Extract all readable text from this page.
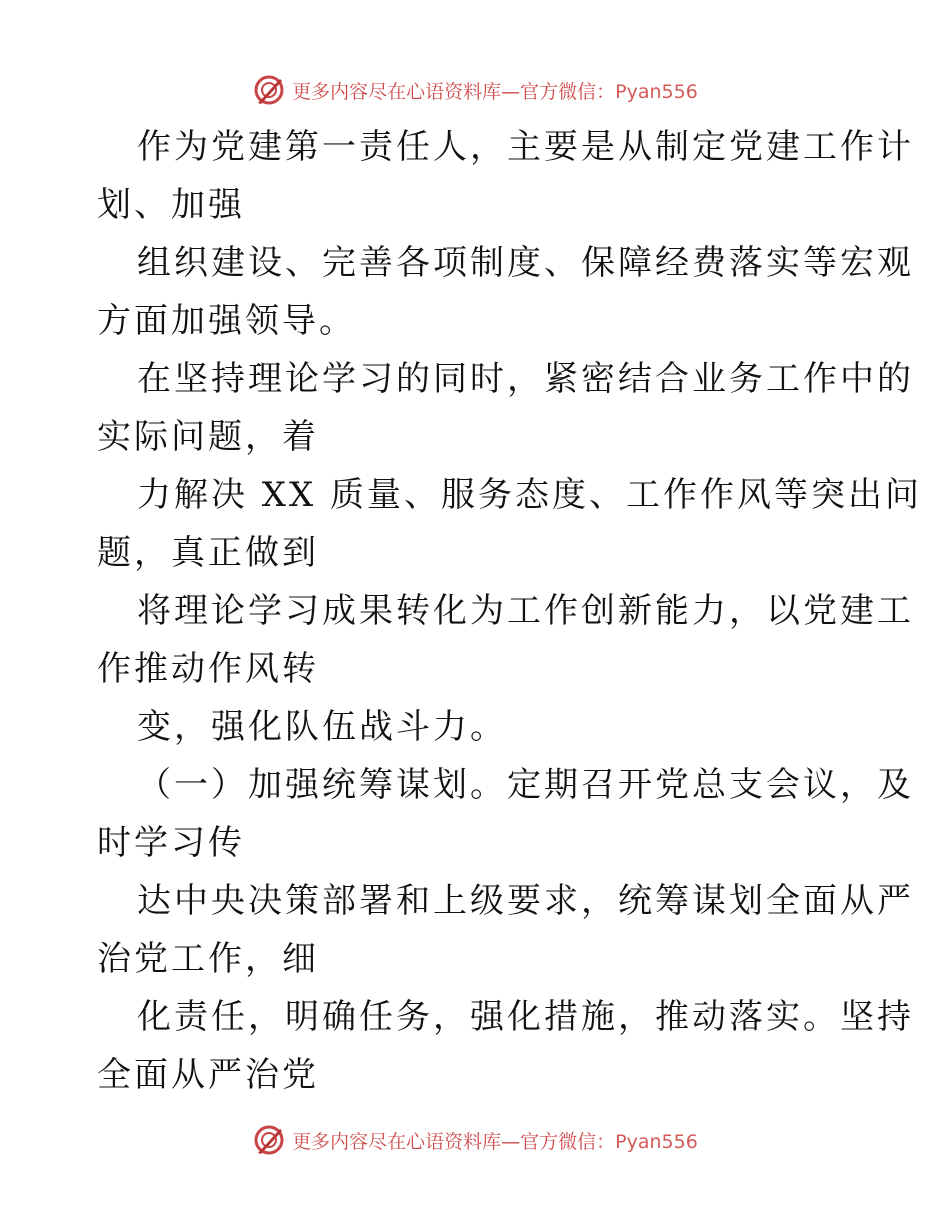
更多内容尽在心语资料库—官方微信：Pyan556

作为党建第一责任人，主要是从制定党建工作计
划、加强

组织建设、完善各项制度、保障经费落实等宏观
方面加强领导。

在坚持理论学习的同时，紧密结合业务工作中的
实际问题，着

力解决 XX 质量、服务态度、工作作风等突出问
题，真正做到

将理论学习成果转化为工作创新能力，以党建工
作推动作风转

变，强化队伍战斗力。

（一）加强统筹谋划。定期召开党总支会议，及
时学习传

达中央决策部署和上级要求，统筹谋划全面从严
治党工作，细

化责任，明确任务，强化措施，推动落实。坚持
全面从严治党

更多内容尽在心语资料库—官方微信：Pyan556
